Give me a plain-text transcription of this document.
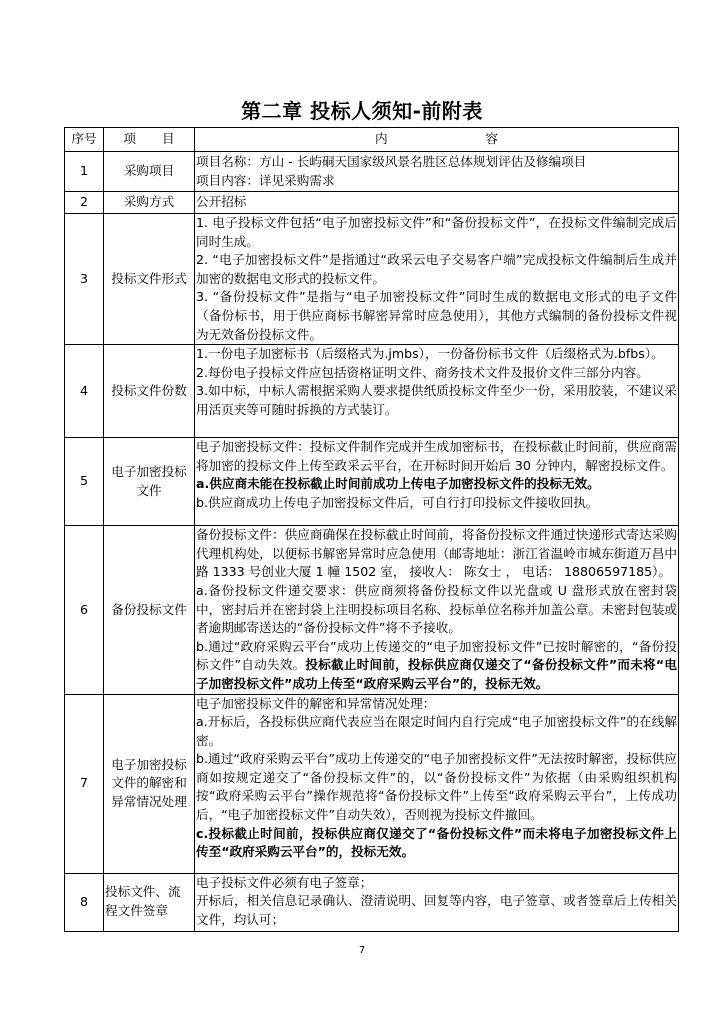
第二章 投标人须知-前附表
序号	项 目	内 容

1	采购项目	项目名称：方山 - 长屿硐天国家级风景名胜区总体规划评估及修编项目

项目内容：详见采购需求

2	采购方式	公开招标

3	投标文件形式	1. 电子投标文件包括“电子加密投标文件”和“备份投标文件”，在投标文件编制完成后同时生成。

2. “电子加密投标文件”是指通过“政采云电子交易客户端”完成投标文件编制后生成并加密的数据电文形式的投标文件。

3. “备份投标文件”是指与“电子加密投标文件”同时生成的数据电文形式的电子文件（备份标书，用于供应商标书解密异常时应急使用），其他方式编制的备份投标文件视为无效备份投标文件。

4	投标文件份数	1.一份电子加密标书（后缀格式为.jmbs），一份备份标书文件（后缀格式为.bfbs）。

2.每份电子投标文件应包括资格证明文件、商务技术文件及报价文件三部分内容。

3.如中标，中标人需根据采购人要求提供纸质投标文件至少一份，采用胶装，不建议采用活页夹等可随时拆换的方式装订。

5	电子加密投标文件	电子加密投标文件：投标文件制作完成并生成加密标书，在投标截止时间前，供应商需将加密的投标文件上传至政采云平台，在开标时间开始后 30 分钟内，解密投标文件。

a.供应商未能在投标截止时间前成功上传电子加密投标文件的投标无效。

b.供应商成功上传电子加密投标文件后，可自行打印投标文件接收回执。

6	备份投标文件	备份投标文件：供应商确保在投标截止时间前，将备份投标文件通过快递形式寄达采购代理机构处，以便标书解密异常时应急使用（邮寄地址：浙江省温岭市城东街道万昌中路 1333 号创业大厦 1 幢 1502 室， 接收人： 陈女士 ， 电话： 18806597185）。

a.备份投标文件递交要求：供应商须将备份投标文件以光盘或 U 盘形式放在密封袋中，密封后并在密封袋上注明投标项目名称、投标单位名称并加盖公章。未密封包装或者逾期邮寄送达的“备份投标文件”将不予接收。

b.通过“政府采购云平台”成功上传递交的“电子加密投标文件”已按时解密的，“备份投标文件”自动失效。投标截止时间前，投标供应商仅递交了“备份投标文件”而未将“电子加密投标文件”成功上传至“政府采购云平台”的，投标无效。

7	电子加密投标文件的解密和异常情况处理	电子加密投标文件的解密和异常情况处理：

a.开标后，各投标供应商代表应当在限定时间内自行完成“电子加密投标文件”的在线解密。

b.通过“政府采购云平台”成功上传递交的“电子加密投标文件”无法按时解密，投标供应商如按规定递交了“备份投标文件”的，以“备份投标文件”为依据（由采购组织机构按“政府采购云平台”操作规范将“备份投标文件”上传至“政府采购云平台”，上传成功后，“电子加密投标文件”自动失效），否则视为投标文件撤回。

c.投标截止时间前，投标供应商仅递交了“备份投标文件”而未将电子加密投标文件上传至“政府采购云平台”的，投标无效。

8	投标文件、流程文件签章	电子投标文件必须有电子签章；

开标后，相关信息记录确认、澄清说明、回复等内容，电子签章、或者签章后上传相关文件，均认可；

7
